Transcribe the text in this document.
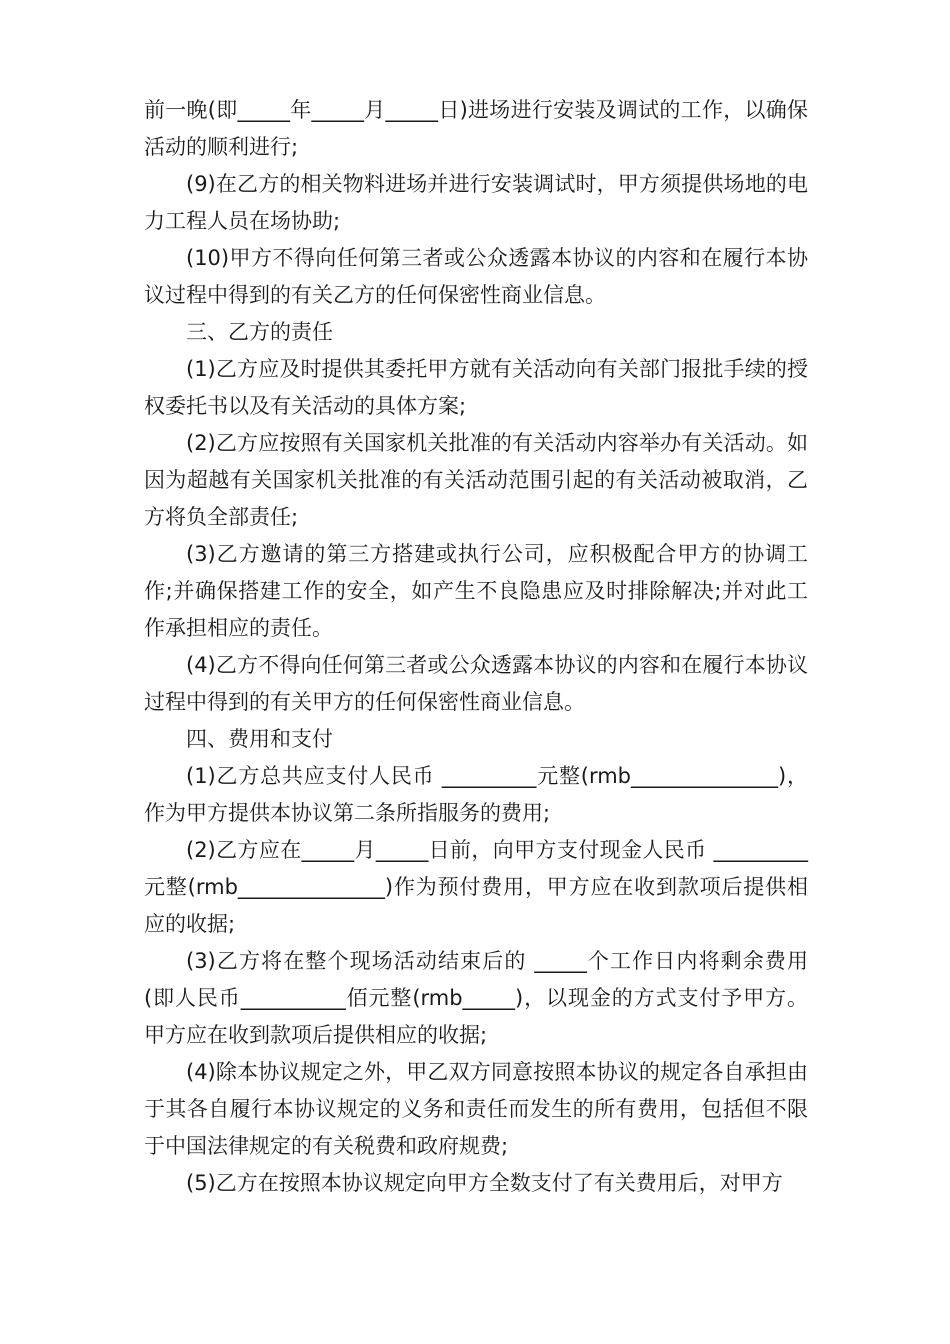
前一晚(即_____年_____月_____日)进场进行安装及调试的工作，以确保活动的顺利进行;

(9)在乙方的相关物料进场并进行安装调试时，甲方须提供场地的电力工程人员在场协助;

(10)甲方不得向任何第三者或公众透露本协议的内容和在履行本协议过程中得到的有关乙方的任何保密性商业信息。

三、乙方的责任

(1)乙方应及时提供其委托甲方就有关活动向有关部门报批手续的授权委托书以及有关活动的具体方案;

(2)乙方应按照有关国家机关批准的有关活动内容举办有关活动。如因为超越有关国家机关批准的有关活动范围引起的有关活动被取消，乙方将负全部责任;

(3)乙方邀请的第三方搭建或执行公司，应积极配合甲方的协调工作;并确保搭建工作的安全，如产生不良隐患应及时排除解决;并对此工作承担相应的责任。

(4)乙方不得向任何第三者或公众透露本协议的内容和在履行本协议过程中得到的有关甲方的任何保密性商业信息。

四、费用和支付

(1)乙方总共应支付人民币 _________元整(rmb______________)，作为甲方提供本协议第二条所指服务的费用;

(2)乙方应在_____月_____日前，向甲方支付现金人民币 _________元整(rmb______________)作为预付费用，甲方应在收到款项后提供相应的收据;

(3)乙方将在整个现场活动结束后的 _____个工作日内将剩余费用(即人民币__________佰元整(rmb_____)，以现金的方式支付予甲方。甲方应在收到款项后提供相应的收据;

(4)除本协议规定之外，甲乙双方同意按照本协议的规定各自承担由于其各自履行本协议规定的义务和责任而发生的所有费用，包括但不限于中国法律规定的有关税费和政府规费;

(5)乙方在按照本协议规定向甲方全数支付了有关费用后，对甲方
